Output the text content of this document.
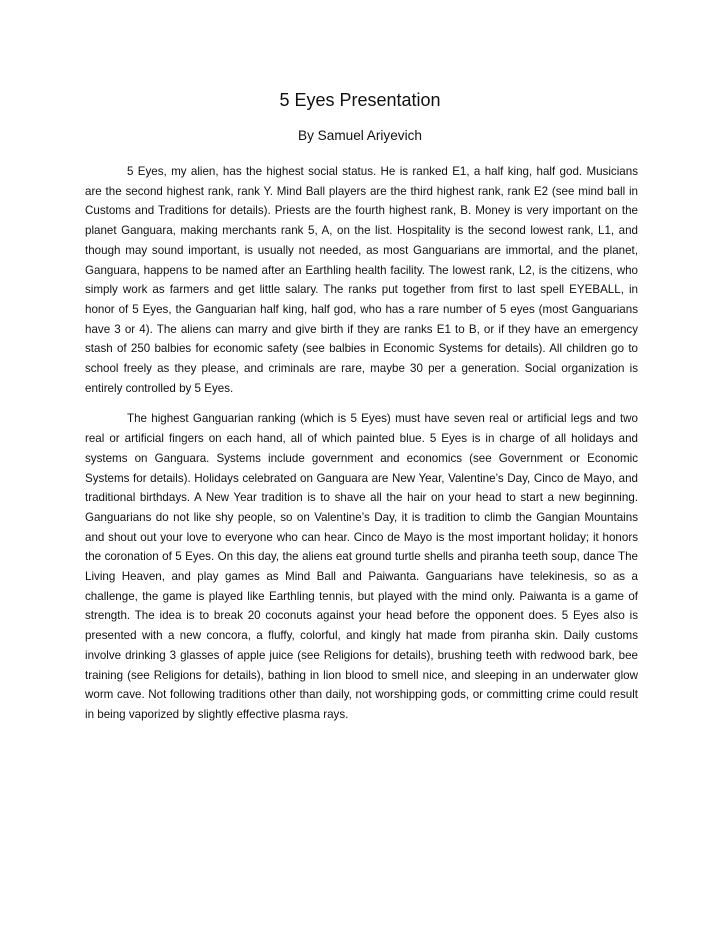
5 Eyes Presentation
By Samuel Ariyevich

5 Eyes, my alien, has the highest social status. He is ranked E1, a half king, half god. Musicians are the second highest rank, rank Y. Mind Ball players are the third highest rank, rank E2 (see mind ball in Customs and Traditions for details). Priests are the fourth highest rank, B. Money is very important on the planet Ganguara, making merchants rank 5, A, on the list. Hospitality is the second lowest rank, L1, and though may sound important, is usually not needed, as most Ganguarians are immortal, and the planet, Ganguara, happens to be named after an Earthling health facility. The lowest rank, L2, is the citizens, who simply work as farmers and get little salary. The ranks put together from first to last spell EYEBALL, in honor of 5 Eyes, the Ganguarian half king, half god, who has a rare number of 5 eyes (most Ganguarians have 3 or 4). The aliens can marry and give birth if they are ranks E1 to B, or if they have an emergency stash of 250 balbies for economic safety (see balbies in Economic Systems for details). All children go to school freely as they please, and criminals are rare, maybe 30 per a generation. Social organization is entirely controlled by 5 Eyes.

The highest Ganguarian ranking (which is 5 Eyes) must have seven real or artificial legs and two real or artificial fingers on each hand, all of which painted blue. 5 Eyes is in charge of all holidays and systems on Ganguara. Systems include government and economics (see Government or Economic Systems for details). Holidays celebrated on Ganguara are New Year, Valentine’s Day, Cinco de Mayo, and traditional birthdays. A New Year tradition is to shave all the hair on your head to start a new beginning. Ganguarians do not like shy people, so on Valentine’s Day, it is tradition to climb the Gangian Mountains and shout out your love to everyone who can hear. Cinco de Mayo is the most important holiday; it honors the coronation of 5 Eyes. On this day, the aliens eat ground turtle shells and piranha teeth soup, dance The Living Heaven, and play games as Mind Ball and Paiwanta. Ganguarians have telekinesis, so as a challenge, the game is played like Earthling tennis, but played with the mind only. Paiwanta is a game of strength. The idea is to break 20 coconuts against your head before the opponent does. 5 Eyes also is presented with a new concora, a fluffy, colorful, and kingly hat made from piranha skin. Daily customs involve drinking 3 glasses of apple juice (see Religions for details), brushing teeth with redwood bark, bee training (see Religions for details), bathing in lion blood to smell nice, and sleeping in an underwater glow worm cave. Not following traditions other than daily, not worshipping gods, or committing crime could result in being vaporized by slightly effective plasma rays.
